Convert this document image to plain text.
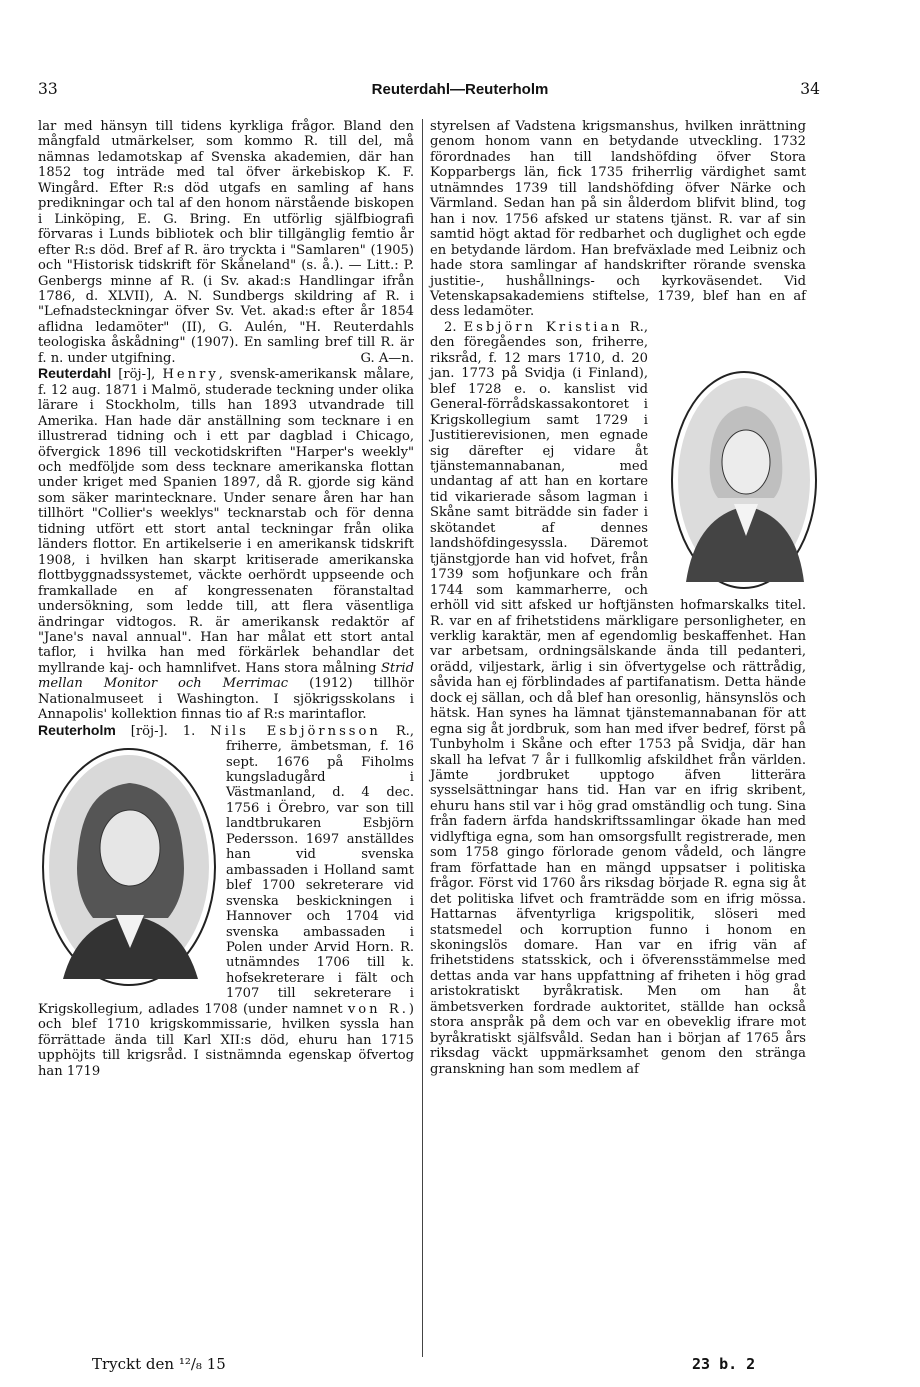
33	Reuterdahl—Reuterholm	34

lar med hänsyn till tidens kyrkliga frågor. Bland den mångfald utmärkelser, som kommo R. till del, må nämnas ledamotskap af Svenska akademien, där han 1852 tog inträde med tal öfver ärkebiskop K. F. Wingård. Efter R:s död utgafs en samling af hans predikningar och tal af den honom närstående biskopen i Linköping, E. G. Bring. En utförlig själfbiografi förvaras i Lunds bibliotek och blir tillgänglig femtio år efter R:s död. Bref af R. äro tryckta i "Samlaren" (1905) och "Historisk tidskrift för Skåneland" (s. å.). — Litt.: P. Genbergs minne af R. (i Sv. akad:s Handlingar ifrån 1786, d. XLVII), A. N. Sundbergs skildring af R. i "Lefnadsteckningar öfver Sv. Vet. akad:s efter år 1854 aflidna ledamöter" (II), G. Aulén, "H. Reuterdahls teologiska åskådning" (1907). En samling bref till R. är f. n. under utgifning.	G. A—n.

Reuterdahl [röj-], Henry, svensk-amerikansk målare, f. 12 aug. 1871 i Malmö, studerade teckning under olika lärare i Stockholm, tills han 1893 utvandrade till Amerika. Han hade där anställning som tecknare i en illustrerad tidning och i ett par dagblad i Chicago, öfvergick 1896 till veckotidskriften "Harper's weekly" och medföljde som dess tecknare amerikanska flottan under kriget med Spanien 1897, då R. gjorde sig känd som säker marintecknare. Under senare åren har han tillhört "Collier's weeklys" tecknarstab och för denna tidning utfört ett stort antal teckningar från olika länders flottor. En artikelserie i en amerikansk tidskrift 1908, i hvilken han skarpt kritiserade amerikanska flottbyggnadssystemet, väckte oerhördt uppseende och framkallade en af kongressenaten föranstaltad undersökning, som ledde till, att flera väsentliga ändringar vidtogos. R. är amerikansk redaktör af "Jane's naval annual". Han har målat ett stort antal taflor, i hvilka han med förkärlek behandlar det myllrande kaj- och hamnlifvet. Hans stora målning Strid mellan Monitor och Merrimac (1912) tillhör Nationalmuseet i Washington. I sjökrigsskolans i Annapolis' kollektion finnas tio af R:s marintaflor.

Reuterholm [röj-]. 1. Nils Esbjörnsson
R., friherre, ämbetsman, f. 16 sept. 1676 på Fiholms kungsladugård i Västmanland, d. 4 dec. 1756 i Örebro, var son till landtbrukaren Esbjörn Pedersson. 1697 anställdes han vid svenska ambassaden i Holland samt blef 1700 sekreterare vid svenska beskickningen i Hannover och 1704 vid svenska ambassaden i Polen under Arvid Horn. R. utnämndes 1706 till k. hofsekreterare i fält och 1707 till sekreterare i Krigskollegium, adlades 1708 (under namnet von R.) och blef 1710 krigskommissarie, hvilken syssla han förrättade ända till Karl XII:s död, ehuru han 1715 upphöjts till krigsråd. I sistnämnda egenskap öfvertog han 1719

styrelsen af Vadstena krigsmanshus, hvilken inrättning genom honom vann en betydande utveckling. 1732 förordnades han till landshöfding öfver Stora Kopparbergs län, fick 1735 friherrlig värdighet samt utnämndes 1739 till landshöfding öfver Närke och Värmland. Sedan han på sin ålderdom blifvit blind, tog han i nov. 1756 afsked ur statens tjänst. R. var af sin samtid högt aktad för redbarhet och duglighet och egde en betydande lärdom. Han brefväxlade med Leibniz och hade stora samlingar af handskrifter rörande svenska justitie-, hushållnings- och kyrkoväsendet. Vid Vetenskapsakademiens stiftelse, 1739, blef han en af dess ledamöter.

2. Esbjörn Kristian
R., den föregåendes son, friherre, riksråd, f. 12 mars 1710, d. 20 jan. 1773 på Svidja (i Finland), blef 1728 e. o. kanslist vid General-förrådskassakontoret i Krigskollegium samt 1729 i Justitierevisionen, men egnade sig därefter ej vidare åt tjänstemannabanan, med undantag af att han en kortare tid vikarierade såsom lagman i Skåne samt biträdde sin fader i skötandet af dennes landshöfdingesyssla. Däremot tjänstgjorde han vid hofvet, från 1739 som hofjunkare och från 1744 som kammarherre, och erhöll vid sitt afsked ur hoftjänsten hofmarskalks titel. R. var en af frihetstidens märkligare personligheter, en verklig karaktär, men af egendomlig beskaffenhet. Han var arbetsam, ordningsälskande ända till pedanteri, orädd, viljestark, ärlig i sin öfvertygelse och rättrådig, såvida han ej förblindades af partifanatism. Detta hände dock ej sällan, och då blef han oresonlig, hänsynslös och hätsk. Han synes ha lämnat tjänstemannabanan för att egna sig åt jordbruk, som han med ifver bedref, först på Tunbyholm i Skåne och efter 1753 på Svidja, där han skall ha lefvat 7 år i fullkomlig afskildhet från världen. Jämte jordbruket upptogo äfven litterära sysselsättningar hans tid. Han var en ifrig skribent, ehuru hans stil var i hög grad omständlig och tung. Sina från fadern ärfda handskriftssamlingar ökade han med vidlyftiga egna, som han omsorgsfullt registrerade, men som 1758 gingo förlorade genom vådeld, och längre fram författade han en mängd uppsatser i politiska frågor. Först vid 1760 års riksdag började R. egna sig åt det politiska lifvet och framträdde som en ifrig mössa. Hattarnas äfventyrliga krigspolitik, slöseri med statsmedel och korruption funno i honom en skoningslös domare. Han var en ifrig vän af frihetstidens statsskick, och i öfverensstämmelse med dettas anda var hans uppfattning af friheten i hög grad aristokratiskt byråkratisk. Men om han åt ämbetsverken fordrade auktoritet, ställde han också stora anspråk på dem och var en obeveklig ifrare mot byråkratiskt själfsvåld. Sedan han i början af 1765 års riksdag väckt uppmärksamhet genom den stränga granskning han som medlem af

Tryckt den ¹²/₈ 15	23 b. 2
